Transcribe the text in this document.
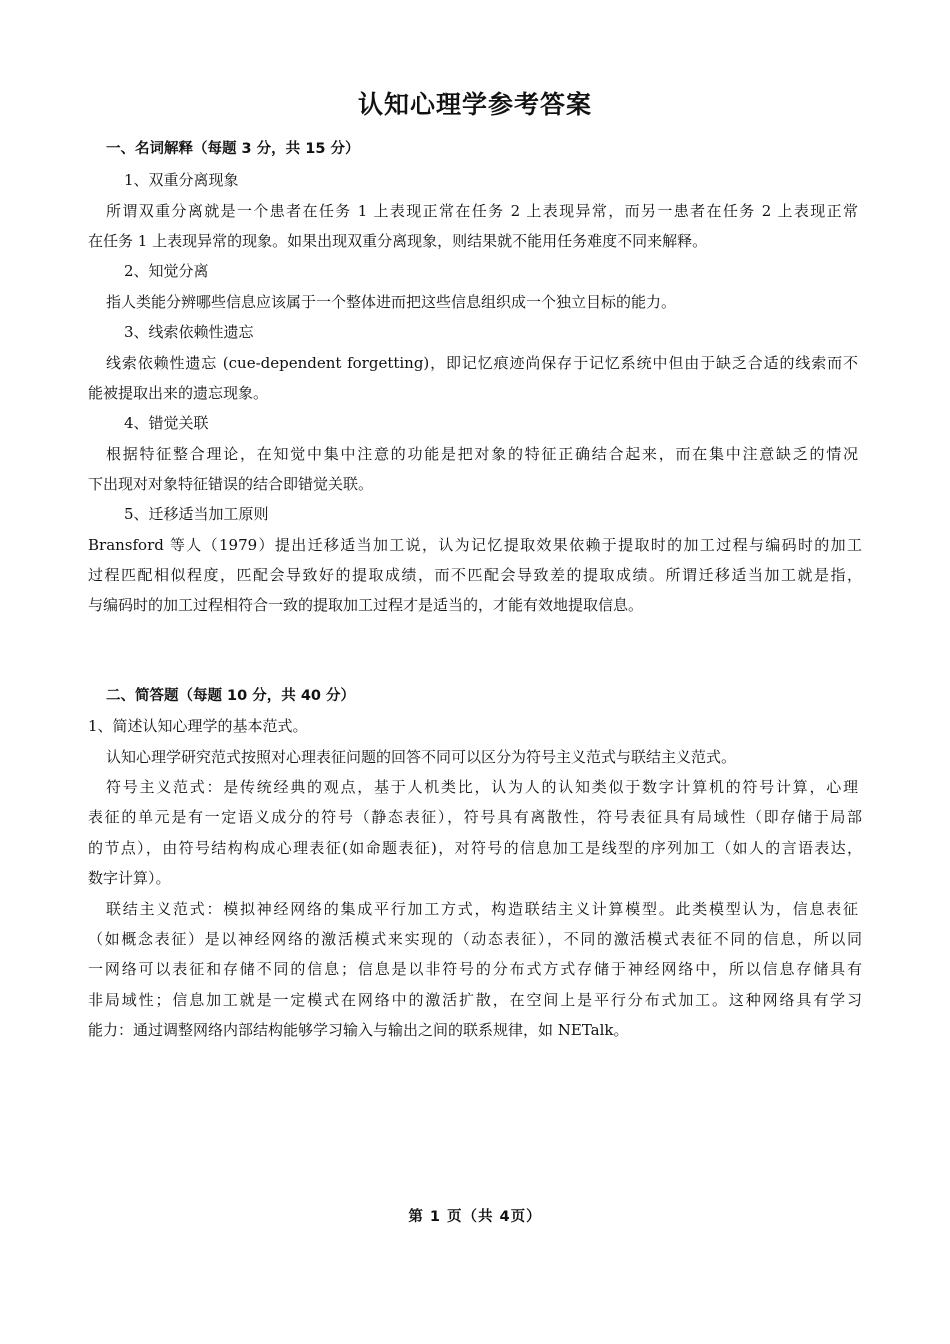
认知心理学参考答案
一、名词解释（每题 3 分，共 15 分）
1、双重分离现象
所谓双重分离就是一个患者在任务 1 上表现正常在任务 2 上表现异常，而另一患者在任务 2 上表现正常
在任务 1 上表现异常的现象。如果出现双重分离现象，则结果就不能用任务难度不同来解释。
2、知觉分离
指人类能分辨哪些信息应该属于一个整体进而把这些信息组织成一个独立目标的能力。
3、线索依赖性遗忘
线索依赖性遗忘 (cue-dependent forgetting)，即记忆痕迹尚保存于记忆系统中但由于缺乏合适的线索而不
能被提取出来的遗忘现象。
4、错觉关联
根据特征整合理论，在知觉中集中注意的功能是把对象的特征正确结合起来，而在集中注意缺乏的情况
下出现对对象特征错误的结合即错觉关联。
5、迁移适当加工原则
Bransford 等人（1979）提出迁移适当加工说，认为记忆提取效果依赖于提取时的加工过程与编码时的加工
过程匹配相似程度，匹配会导致好的提取成绩，而不匹配会导致差的提取成绩。所谓迁移适当加工就是指，
与编码时的加工过程相符合一致的提取加工过程才是适当的，才能有效地提取信息。
二、简答题（每题 10 分，共 40 分）
1、简述认知心理学的基本范式。
认知心理学研究范式按照对心理表征问题的回答不同可以区分为符号主义范式与联结主义范式。
符号主义范式：是传统经典的观点，基于人机类比，认为人的认知类似于数字计算机的符号计算，心理
表征的单元是有一定语义成分的符号（静态表征），符号具有离散性，符号表征具有局域性（即存储于局部
的节点），由符号结构构成心理表征(如命题表征)，对符号的信息加工是线型的序列加工（如人的言语表达，
数字计算）。
联结主义范式：模拟神经网络的集成平行加工方式，构造联结主义计算模型。此类模型认为，信息表征
（如概念表征）是以神经网络的激活模式来实现的（动态表征），不同的激活模式表征不同的信息，所以同
一网络可以表征和存储不同的信息；信息是以非符号的分布式方式存储于神经网络中，所以信息存储具有
非局域性；信息加工就是一定模式在网络中的激活扩散，在空间上是平行分布式加工。这种网络具有学习
能力：通过调整网络内部结构能够学习输入与输出之间的联系规律，如 NETalk。
第 1 页（共 4页）
